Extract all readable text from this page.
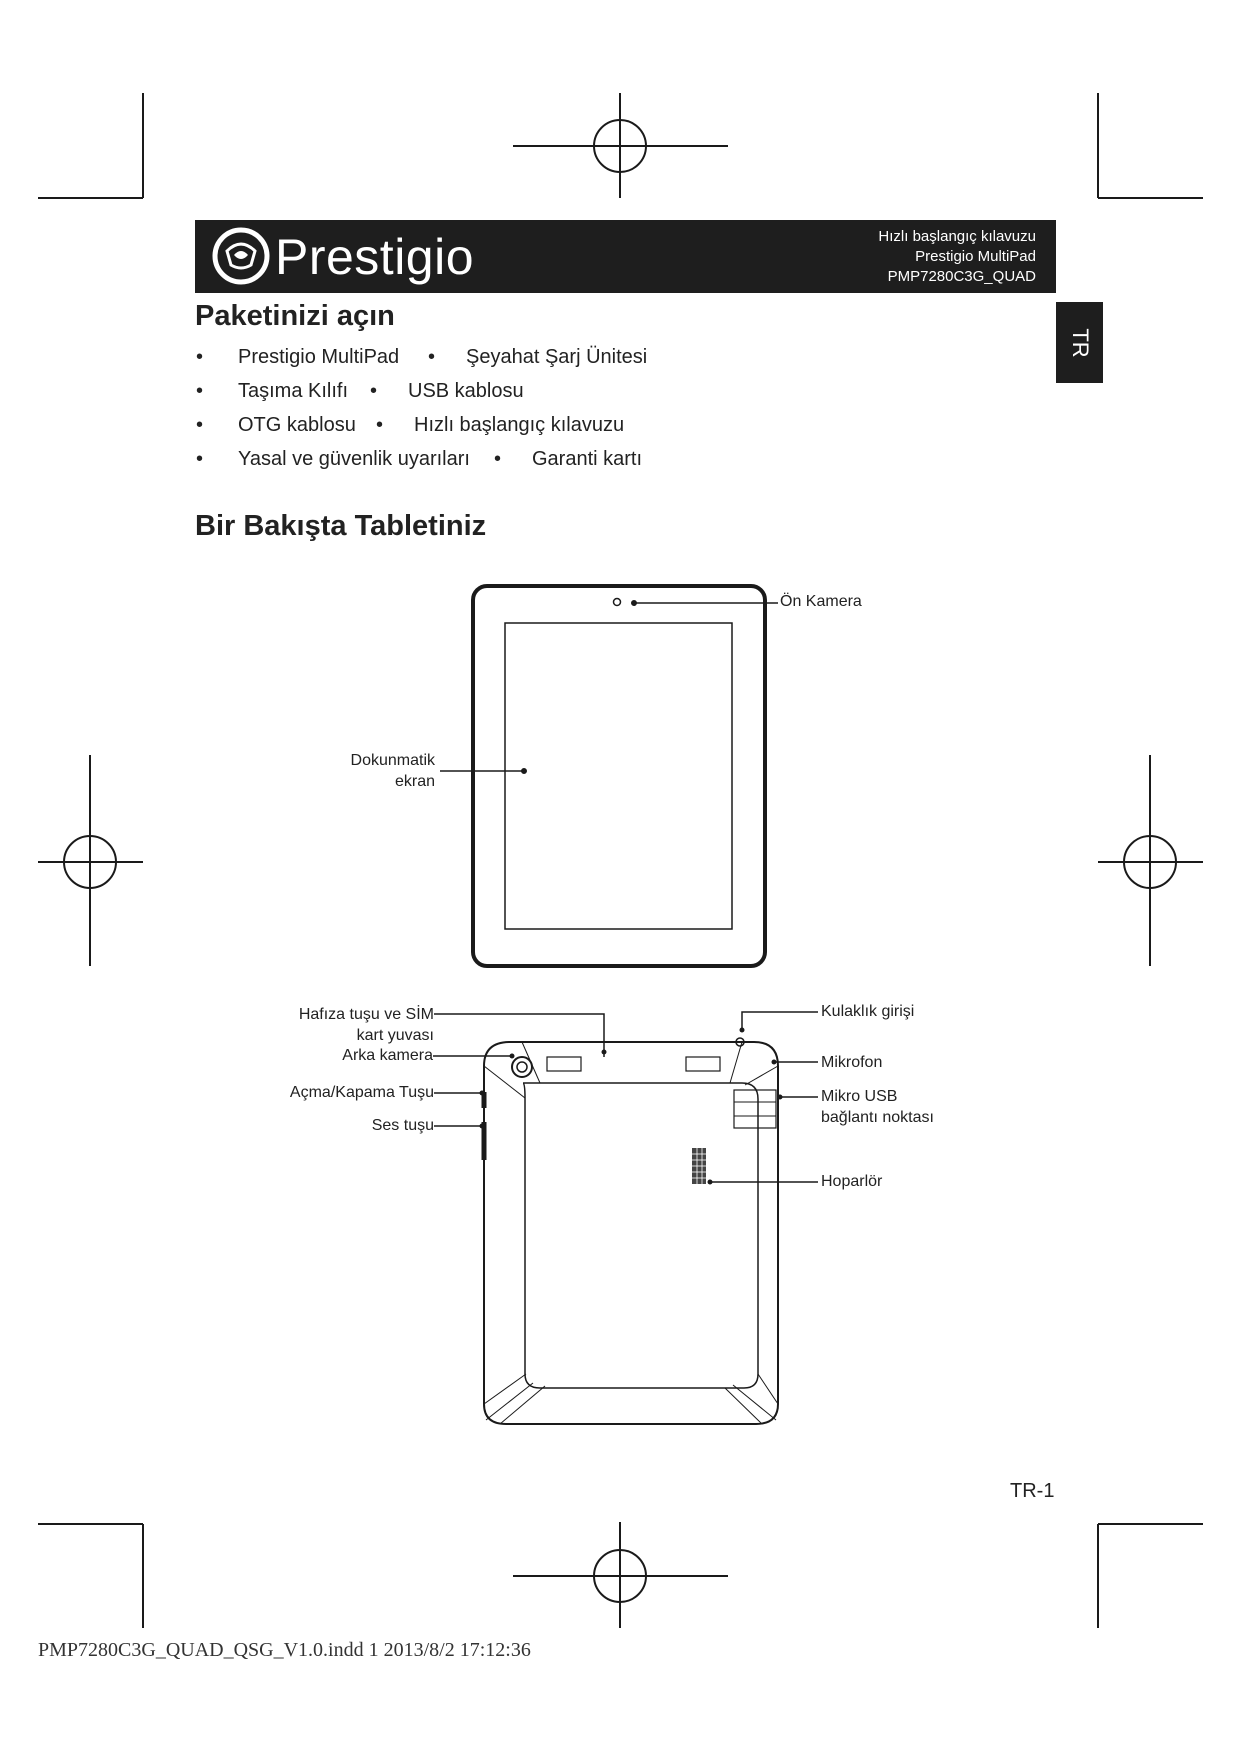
Prestigio	Hızlı başlangıç kılavuzu
Prestigio MultiPad
PMP7280C3G_QUAD
TR
Paketinizi açın
• Prestigio MultiPad • Şeyahat Şarj Ünitesi
• Taşıma Kılıfı • USB kablosu
• OTG kablosu • Hızlı başlangıç kılavuzu
• Yasal ve güvenlik uyarıları • Garanti kartı
Bir Bakışta Tabletiniz
Ön Kamera
Dokunmatik
ekran
Hafıza tuşu ve SİM
kart yuvası
Arka kamera
Açma/Kapama Tuşu
Ses tuşu
Kulaklık girişi
Mikrofon
Mikro USB
bağlantı noktası
Hoparlör
TR-1
PMP7280C3G_QUAD_QSG_V1.0.indd 1 2013/8/2 17:12:36
